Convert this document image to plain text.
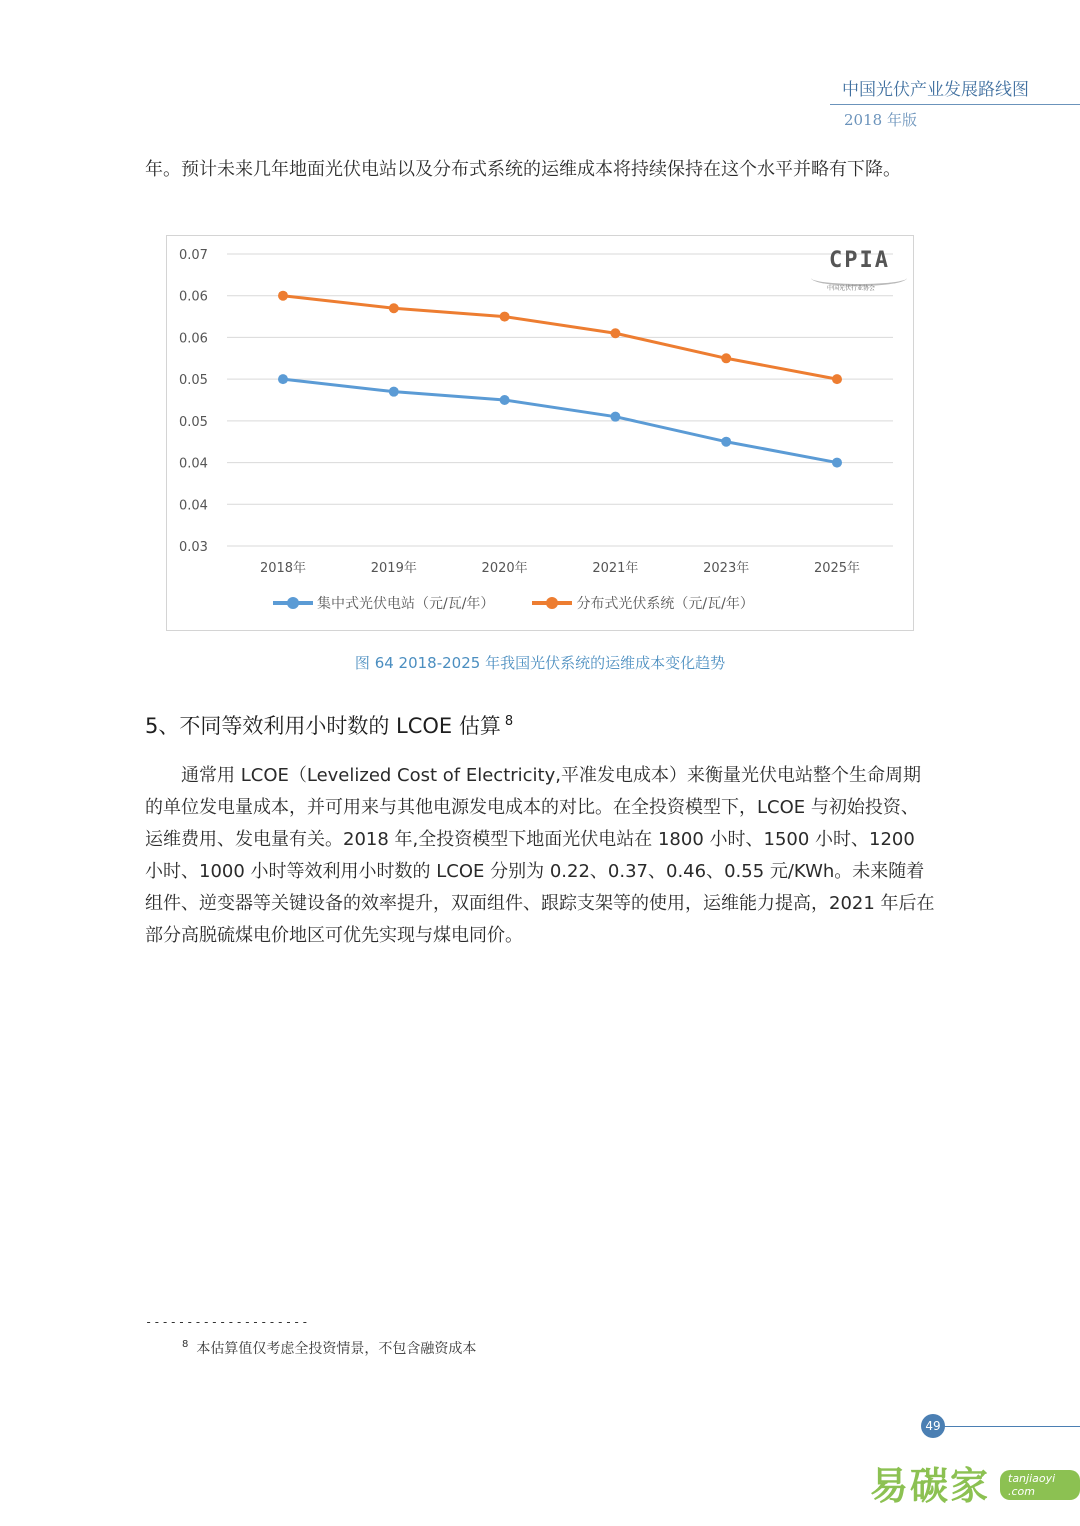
中国光伏产业发展路线图
2018 年版
年。预计未来几年地面光伏电站以及分布式系统的运维成本将持续保持在这个水平并略有下降。
0.07
0.06
0.06
0.05
0.05
0.04
0.04
0.03
2018年	2019年	2020年	2021年	2023年	2025年
CPIA
中国光伏行业协会
集中式光伏电站（元/瓦/年）	分布式光伏系统（元/瓦/年）
图 64 2018-2025 年我国光伏系统的运维成本变化趋势
5、不同等效利用小时数的 LCOE 估算 $^8$
通常用 LCOE（Levelized Cost of Electricity,平准发电成本）来衡量光伏电站整个生命周期的单位发电量成本，并可用来与其他电源发电成本的对比。在全投资模型下，LCOE 与初始投资、运维费用、发电量有关。2018 年,全投资模型下地面光伏电站在 1800 小时、1500 小时、1200 小时、1000 小时等效利用小时数的 LCOE 分别为 0.22、0.37、0.46、0.55 元/KWh。未来随着组件、逆变器等关键设备的效率提升，双面组件、跟踪支架等的使用，运维能力提高，2021 年后在部分高脱硫煤电价地区可优先实现与煤电同价。
--------------------
$^8$ 本估算值仅考虑全投资情景，不包含融资成本
49
易碳家	tanjiaoyi .com
